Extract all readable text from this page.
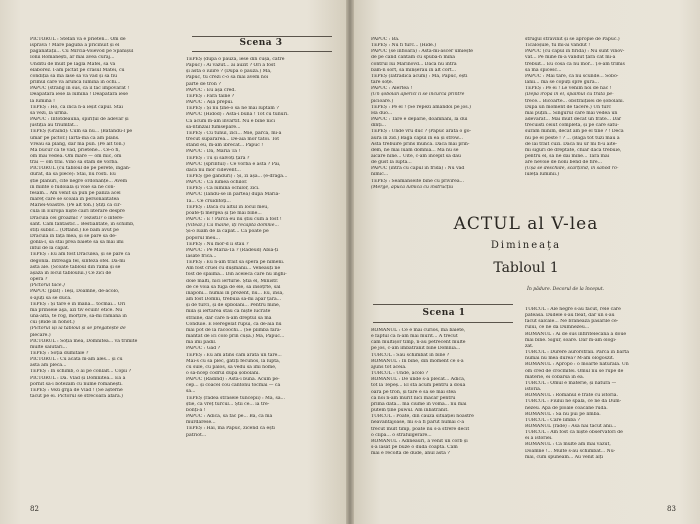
PICTORUL : Stefan vă e prieten... Om de

ispravă ! Mare pagubă a pricinuit și el

păgânătății... Cu Mircia-Voievod pe Spanișul

Ionii Românești, ar mai avea curaj...

Unditu de mult pe Iagla Matei, să vă

elaborez. I-am pictat pe crasul Matei, cu

condiția să mă lase să vă văd și să fiu

primul care vă arunca lumină în ochi...

PAPUC (strâng în sus, că îl fac împovărat !

Deapătara iese la lumina ! Deapătara iese

la lumina !

TEPEȘ : Ho, că încă n-a ieșit capul. Stăi

să vezi, la urmă.

PAPUC : Întotdeauna, spirițul de adevăr și

justiția au triumfat...

TEPEȘ (Grăind): Cum să nu... (Bătându-l pe

umăr pe pictor.) Iartă-mă că am plâns.

Vreau să plâng, dar mă pun. (Pe alt ton.)

Mă bucur că te văd, prietene... Ce-o fi,

om mai vedea. Om mare — om mic, om

trăi — om trăi. Vino să stăm de vorbă.

PICTORUL (cu tabloul de pe perete, îngân-

durat, dă să plece): Stai, nu rosti. Eu

știe planuri, cite negre ordonanțe... Avem

în minte o fudoială și voie să ne con-

fesăm... Am venit să pun pe pânză acel

măreț care se scoală în personalitatea

Mâriei-Voastre. (Pe alt ton.) Știți că cir-

cula în Europa niște căiri literare despre

Dracula cel groaznic ? Tezistil? o intere-

sant. Cam fantastic... Bestialitate, în schimb,

stiți sublic... (Oftând.) Ee bam avut pe

Dracula în fața mea, și se pare să de-

gonla-l, să stai prea băiete să să mai îmi

intul de la capăt.

TEPEȘ : Eu am fost Drăculea, și se pare că

degonla. Întreaga fel, sinteza ofel. Dă-mi

asta ale. (Scoate tabloul din ramă și se

așază în locul tabloului.) Ce zici de

operă ?

(Pictorul tace.)

PAPUC (plat) : Ieși, Doamne, de-acolo,

s-ajuți să se ducă.

TEPEȘ : Și tare e în mână... tocmai... Ori

mă prinseie aşa, azi tiv ecuin! etice. Nu

una-alta, te rog, morțire, să-mi rămână în

cui (Bide în hohot.)

(Pictorul își ia tabloul și se pregătește de

plecare.)

PICTORUL : Soția mea, Domnitea... vă trimite

multe salutări...

TEPEȘ : Soția dumitale ?

PICTORUL : Cu acata m-am ales... și cu

asta am plecă...

TEPEȘ : În schimb, o ai pe conlălt... Copii ?

PICTORUL : Da. Vlad și Domnitea... Ea a

pornit să-i botezăm cu nume românești.

TEPEȘ : Vezi grijă de Vlad ! (Se așterne

tăcut pe ei. Pictorul se strecoară afară.)

Scena 3

TEPEȘ (după o pauză, iese din cușă, către

Papuc) : Ai văzut... ai auzit ? Ori a fost

și asta o iulire ? (După o pauză.) Mă,

Papuc, tu crezi c-o să mai avem noi

parte de tron ?

PAPUC : Eu așa cred.

TEPEȘ : Fără taine ?

PAPUC : Așa prepui.

TEPEȘ : Și nu ține-o să ne mai luptăm ?

PAPUC (Hidod) : Asta-i bună ! Tot cu tunuri.

Ca acum m-am învârtit. Nu e bine nici

să-ntinzăil fumsepare...

TEPEȘ : Cu tunul, zici... Mie, parcă, mi-a

trecut supărarea... De-aia mor tătoi. Tot

stând eu, m-am îbrecat... Papuc !

PAPUC : Da, Măria Ta !

TEPEȘ : Tu și salvoți țara ?

PAPUC (sprintul) : Ce vorbă e asta ? Păi,

dacă nu mor cidevent...

TEPEȘ (pe gânduri) : Și, zi așa... (e-dragă...

PAPUC : Ca lumea ochilor.

TEPEȘ : Ca lumina ochilor, zici.

PAPUC (Iandu-se în partea) după Mâria-

Ta... Ce cruiditoți...

TEPEȘ : Dacă cu altul în locul meu,

poate-ți mergea și ție mai bine...

PAPUC : E ! Parcă eu nu știu cum a fost !

(Viteaz.) Ca mâine, îți recaptă domnie...

Și-o luăm de la capăt... Ca poate pe

poporul meu...

TEPEȘ : Nu mor-d îi stau ?

PAPUC : Pe Măria-Ta ? (Râdeud) Abia-ți

lasate frica...

TEPEȘ : Eu n-am trait să speră pe nimeni.

Am fost cruel cu dușmanii... Veneauți ne

fost de spaimă... Din aceleca care nu înghi-

doie mălti, nici ierturie. Știa el, Ministr.

de ce voia să fugă de ele, să însoțrte, săl

înaponi... numai în prezent, nu... Eu, însă,

am fost Domni, trebuia să-mi apăr țara...

și de turci, și de spbolani... Pentru mine,

milă și iertarea stau ca niște lucrate

străine, dar care n-am dreptul să mă

Conduie. E Heregelat rupui, că de-aia nu

mai pot de la răcoochi... (Se plimbă fără-

mântat de ici colo prin cușă.) Mă, Papuc...

mă îmi pădil.

PAPUC : Gâd ?

TEPEȘ : Eu am atins cam arată un tare...

Mai-s cu să plec, gătiți fecunos, la luptă,

cu sule, cu palos, să vedu să îmi nome,

o să-ncep codrul după șobolani.

PAPUC (Rădind) : Asta-i bună. Acum pe-

cep... și coacel cou cantonu tocmai — ca

să...

TEPEȘ (rădeă strasele tuncepii) : Mă, să...

știe, că vreț turcul... Știi ce... ia tre-

bonți-a !

PAPUC : Adică, să fac pe... Ba, că mă

murdărese...

TEPEȘ : Hai, mă Papuc, zicend că ești

patriot...

82

PAPUC : Ba.

TEPEȘ : Nu fi turc... (Hide.)

PAPUC (se înfioară) : Asta-mi-ascer umiește

de pe când cântam cu spuba-n mină

contrul lui Mărinovd... Dacă nu intra

bam-n sort, să mînșerau în alt cort...

TEPEȘ (Iatradică acum) : Mă, Papuc, ești

tare soțe.

PAPUC : Alertea !

(Un șobolan apericl lì se incurcă printre

picioare.)

TEPEȘ : Pe el ! (Se repezi amândoi pe jos.)

Ha duo...

PAPUC : Tare e deparie, doamnani, la dui

dinți...

TEPEȘ : Unde vru duc ? (Papuc arată o go-

aură în zid.) Bagă capul în ea și strow...

Asta trebuire prins munca. Dacă mai prin-

dem, ne mai luăm domnia... Ma nu se

aicare nine... Uite, c-am începit să dau

de gust la luptă...

PAPUC (intră cu capul în fridă) : Nu văd

nimic...

TEPEȘ : Seamânseite bine cu privirea...

(Merge, apucă lumica cu instrucțiu

strugul străvinit și se apropie de Papuc.)

Ticăloșule, tu mi-ai vândut !

PAPUC (cu capul în firidă) : Nu sunt vinov-

vat... Pe mine m-a vândut țara cât mi-a

trebuit... Eu cosă că nu mor... Țe-am trimis

să mă spicesc...

PAPUC : Mai tare, că nu scunde... Sobo-

lanii... mă se copuți spre gură...

TEPEȘ : Pe ei ! Le venim noi de hac !

(Depă iropa în el, spăimul cu trată pe-

trece... Bicoarte... obstraițisei de șobolani.

Dupa un moment de tăcere.) Un turc

mai puțin... Singurul care mai vedea un

adevărat... Mai mult decât un frate... Dar

trecuisti ceiut completă, și pe care sătu-

surăm minim, decât am pe el tine ? ! Decă

nu pe el peste ! ? ... (Bagă tot tuzi mau a

de lai trăit cuzi. Dacă nu ur mi fi-u aite-

mi siguri de dreptate, chiar dacă trebuie,

pentru el, să ne dai mine... Tara mai

are nevoie de noni bend de fire...

(Ușa se deschide, scârțiind, în sanod ro-

luleța luminii.)

ACTUL al V-lea
Dimineața
Tabloul 1
În pădure. Decorul de la început.
Scena 1

ROMÂNUL : Ce e mai curios, mă băiete,

e faptul că n-am mai murit... A trecut

cam multișor timp, n-au petrecent multe

pe jos, c-am îmbătrânit bine Domnia...

TURCUL : Sau schimbat în bine ?

ROMÂNUL : In bine, din moment ce s-a

ajuns tot aceia.

TURCUL : Unde, acolo ?

ROMÂNUL : De unde s-a plecat... Adică,

tot la Tepeș... El stă acum pentru a doua

oară pe tron, și tare e să se mai stea

că noi n-am murit nici măcar pentru

prima dată... mă ciume în vomă... nu mai

putem ține puwul. Am înbătrânit.

TURCUL : Poate, din cauza situației noastre

neavantajoase, mi s-a fi părut numai c-a

trecut mult timp, poate nu s-a strere decit

o clipă... o străfulgerare...

ROMÂNUL : Adineauri, a venit un corb și

s-a lăsat pe buze o dudă coaptă. Cam

mai e recolta de dude, anul ăsta ?

TURCUL : Ale negre s-au făcut, rele care

păteasă. Dudele s-au fleat, dar un s-au

făcut sălcăle... Ne brânează păsările ce-

rului, ce ne dă Dumnezeu...

ROMÂNUL : Ai de sus înfiritelecana a doue

mai bine. Sigur, soare. Dar m-am ologi-

zat.

TURCUL : Durere aurorstrali. Parcă în barta

numai nu mea durea? M-am ologoszit.

ROMÂNUL : Apropo : o moarte naturală. Un

om cred de crocmitei. Omul nu se rupe de

materie, ei cobarsă în ea.

TURCUL : Omul e materie, și natura —

istoria.

ROMÂNUL : Românul e frate cu istoria.

TURCUL : Fiului ne spală, ce ne dă Dum-

nezeu. Apa de ploale coacăne rudă.

ROMÂNUL : Să nu pui pe limbă.

TURCUL : Care limbă ?

ROMÂNUL (râde) : Asa nai tacut anii...

TURCUL : Am fost ca niște observatori de

ei a istoriei.

ROMÂNUL : Că multe am mai văzut,

Doamne !... Multe s-au schimbat... Nu-

mai, cum spuneam... Au venit alți

83
